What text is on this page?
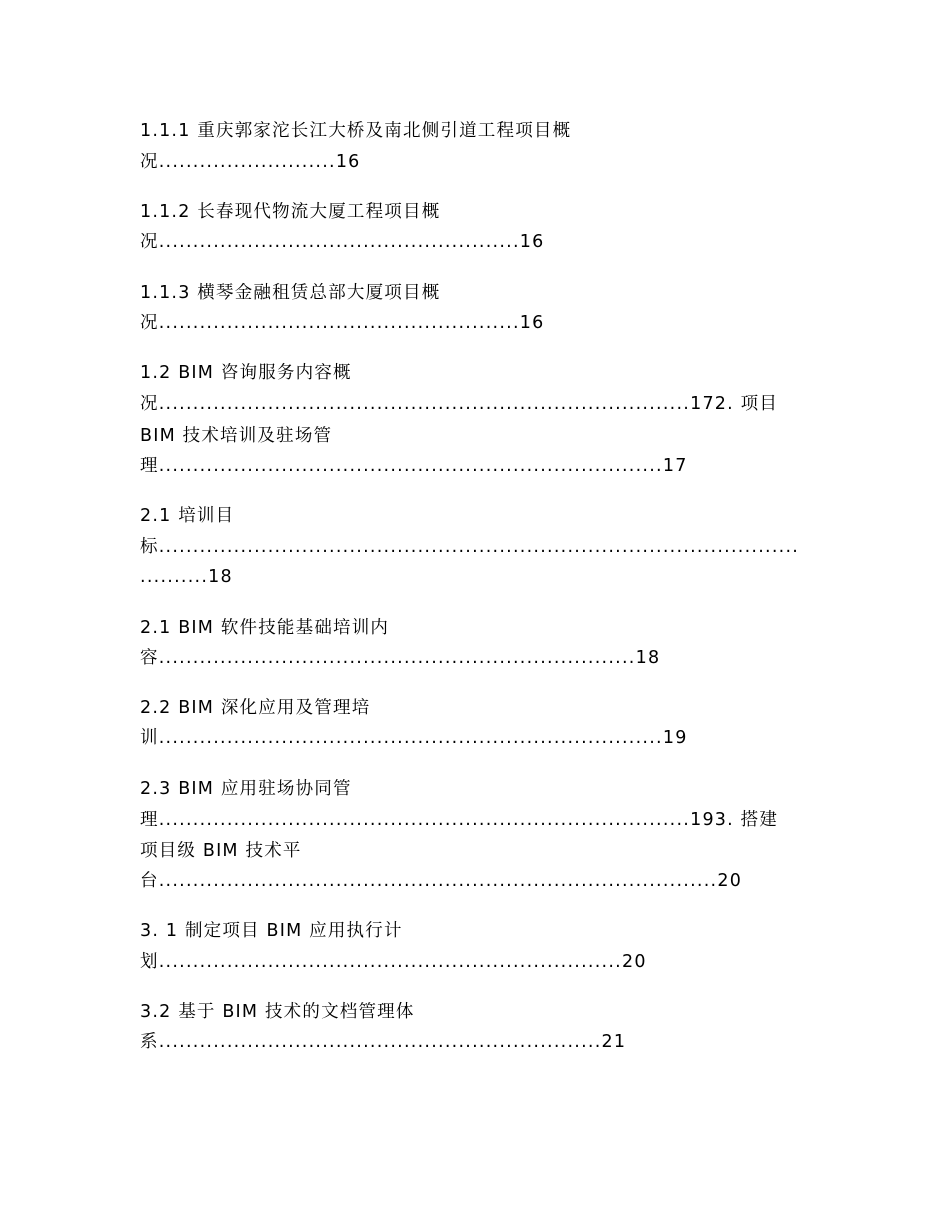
1.1.1 重庆郭家沱长江大桥及南北侧引道工程项目概
况..........................16
1.1.2 长春现代物流大厦工程项目概
况.....................................................16
1.1.3 横琴金融租赁总部大厦项目概
况.....................................................16
1.2 BIM 咨询服务内容概
况..............................................................................172. 项目
BIM 技术培训及驻场管
理..........................................................................17
2.1 培训目
标..............................................................................................
..........18
2.1 BIM 软件技能基础培训内
容......................................................................18
2.2 BIM 深化应用及管理培
训..........................................................................19
2.3 BIM 应用驻场协同管
理..............................................................................193. 搭建
项目级 BIM 技术平
台..................................................................................20
3. 1 制定项目 BIM 应用执行计
划....................................................................20
3.2 基于 BIM 技术的文档管理体
系.................................................................21
